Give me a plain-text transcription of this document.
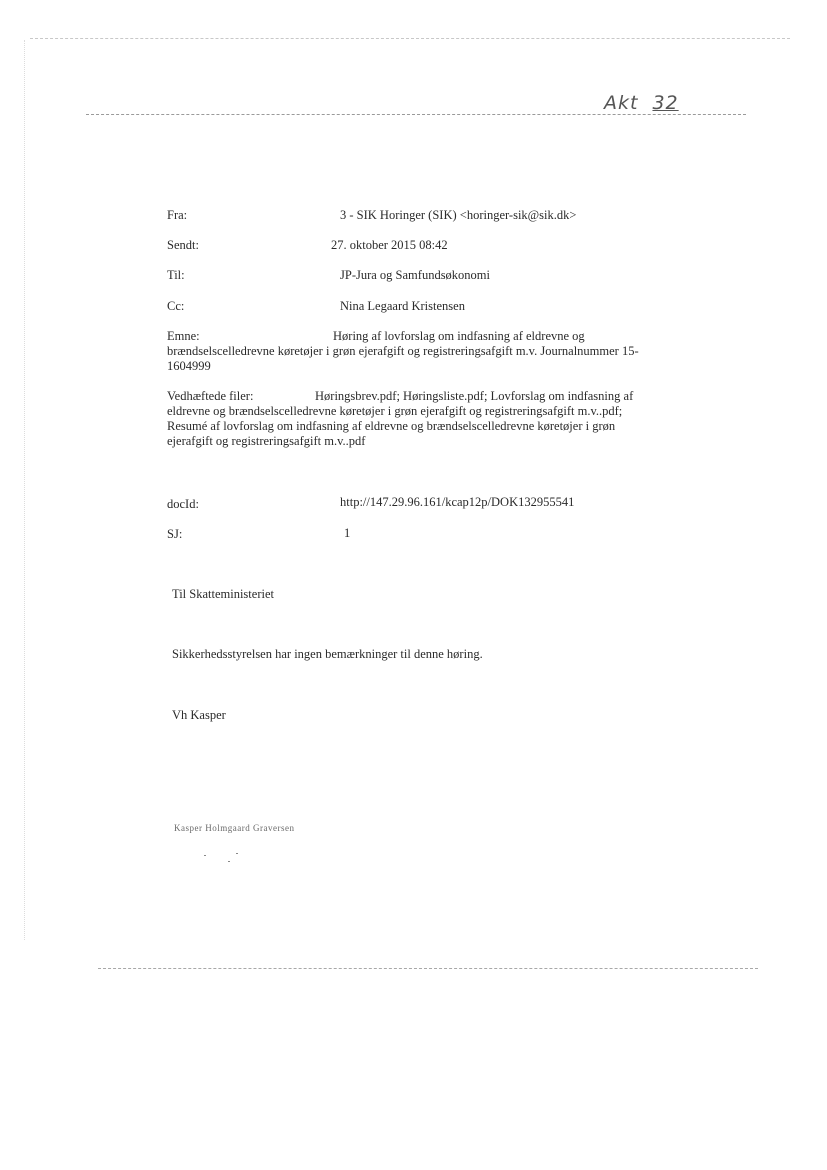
Akt 32
Fra:	3 - SIK Horinger (SIK) <horinger-sik@sik.dk>
Sendt:	27. oktober 2015 08:42
Til:	JP-Jura og Samfundsøkonomi
Cc:	Nina Legaard Kristensen
Emne:	Høring af lovforslag om indfasning af eldrevne og
brændselscelledrevne køretøjer i grøn ejerafgift og registreringsafgift m.v. Journalnummer 15-
1604999
Vedhæftede filer:	Høringsbrev.pdf; Høringsliste.pdf; Lovforslag om indfasning af
eldrevne og brændselscelledrevne køretøjer i grøn ejerafgift og registreringsafgift m.v..pdf;
Resumé af lovforslag om indfasning af eldrevne og brændselscelledrevne køretøjer i grøn
ejerafgift og registreringsafgift m.v..pdf
docId:	http://147.29.96.161/kcap12p/DOK132955541
SJ:	1
Til Skatteministeriet
Sikkerhedsstyrelsen har ingen bemærkninger til denne høring.
Vh Kasper
Kasper Holmgaard Graversen
